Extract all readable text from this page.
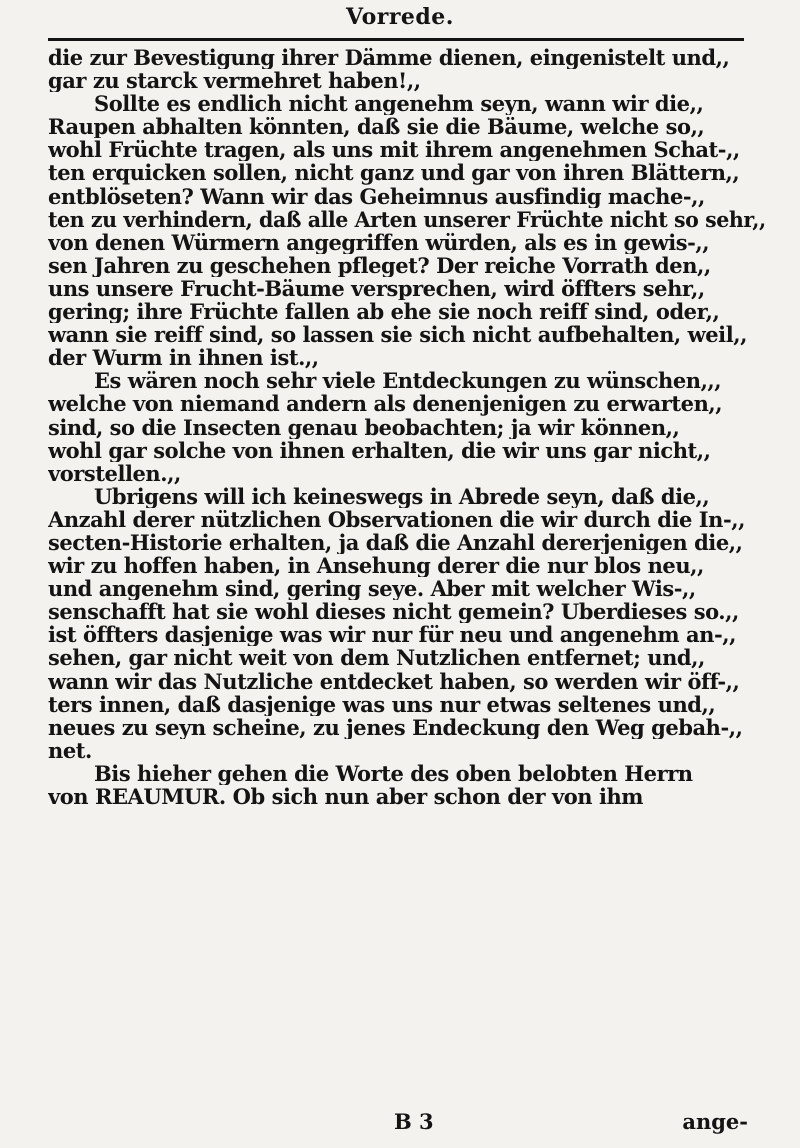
Vorrede.
die zur Bevestigung ihrer Dämme dienen, eingenistelt und,,
gar zu starck vermehret haben!,,
Sollte es endlich nicht angenehm seyn, wann wir die,,
Raupen abhalten könnten, daß sie die Bäume, welche so,,
wohl Früchte tragen, als uns mit ihrem angenehmen Schat-,,
ten erquicken sollen, nicht ganz und gar von ihren Blättern,,
entblöseten? Wann wir das Geheimnus ausfindig mache-,,
ten zu verhindern, daß alle Arten unserer Früchte nicht so sehr,,
von denen Würmern angegriffen würden, als es in gewis-,,
sen Jahren zu geschehen pfleget? Der reiche Vorrath den,,
uns unsere Frucht-Bäume versprechen, wird öffters sehr,,
gering; ihre Früchte fallen ab ehe sie noch reiff sind, oder,,
wann sie reiff sind, so lassen sie sich nicht aufbehalten, weil,,
der Wurm in ihnen ist.,,
Es wären noch sehr viele Entdeckungen zu wünschen,,,
welche von niemand andern als denenjenigen zu erwarten,,
sind, so die Insecten genau beobachten; ja wir können,,
wohl gar solche von ihnen erhalten, die wir uns gar nicht,,
vorstellen.,,
Ubrigens will ich keineswegs in Abrede seyn, daß die,,
Anzahl derer nützlichen Observationen die wir durch die In-,,
secten-Historie erhalten, ja daß die Anzahl dererjenigen die,,
wir zu hoffen haben, in Ansehung derer die nur blos neu,,
und angenehm sind, gering seye. Aber mit welcher Wis-,,
senschafft hat sie wohl dieses nicht gemein? Uberdieses so.,,
ist öffters dasjenige was wir nur für neu und angenehm an-,,
sehen, gar nicht weit von dem Nutzlichen entfernet; und,,
wann wir das Nutzliche entdecket haben, so werden wir öff-,,
ters innen, daß dasjenige was uns nur etwas seltenes und,,
neues zu seyn scheine, zu jenes Endeckung den Weg gebah-,,
net.
Bis hieher gehen die Worte des oben belobten Herrn
von REAUMUR. Ob sich nun aber schon der von ihm
B 3	ange-
